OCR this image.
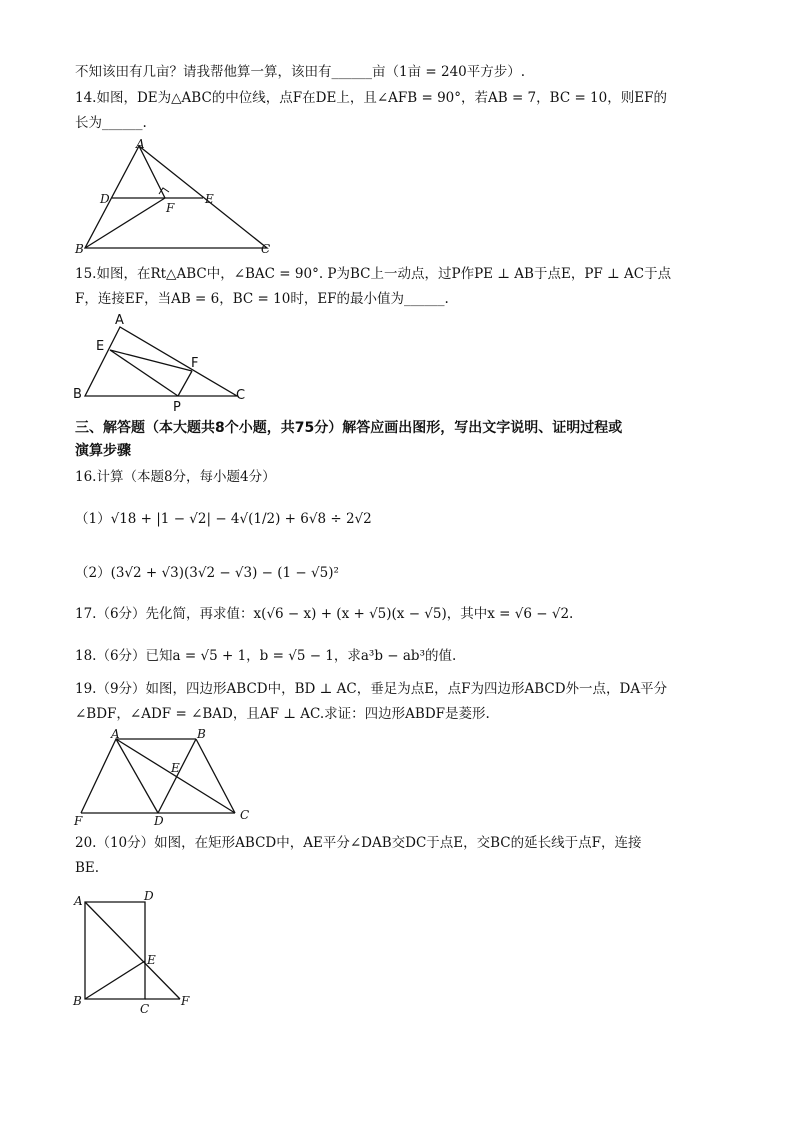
不知该田有几亩？请我帮他算一算，该田有______亩（1亩 = 240平方步）.
14.如图，DE为△ABC的中位线，点F在DE上，且∠AFB = 90°，若AB = 7，BC = 10，则EF的
长为______.
A
D	E
F
B	C
15.如图，在Rt△ABC中，∠BAC = 90°. P为BC上一动点，过P作PE ⊥ AB于点E，PF ⊥ AC于点
F，连接EF，当AB = 6，BC = 10时，EF的最小值为______.
A
E
F
B	C
P
三、解答题（本大题共8个小题，共75分）解答应画出图形，写出文字说明、证明过程或
演算步骤
16.计算（本题8分，每小题4分）
（1）√18 + |1 − √2| − 4√(1/2) + 6√8 ÷ 2√2
（2）(3√2 + √3)(3√2 − √3) − (1 − √5)²
17.（6分）先化简，再求值：x(√6 − x) + (x + √5)(x − √5)，其中x = √6 − √2.
18.（6分）已知a = √5 + 1，b = √5 − 1，求a³b − ab³的值.
19.（9分）如图，四边形ABCD中，BD ⊥ AC，垂足为点E，点F为四边形ABCD外一点，DA平分
∠BDF，∠ADF = ∠BAD，且AF ⊥ AC.求证：四边形ABDF是菱形.
A	B
E
F	D	C
20.（10分）如图，在矩形ABCD中，AE平分∠DAB交DC于点E，交BC的延长线于点F，连接
BE.
A	D
E
B
C
F
